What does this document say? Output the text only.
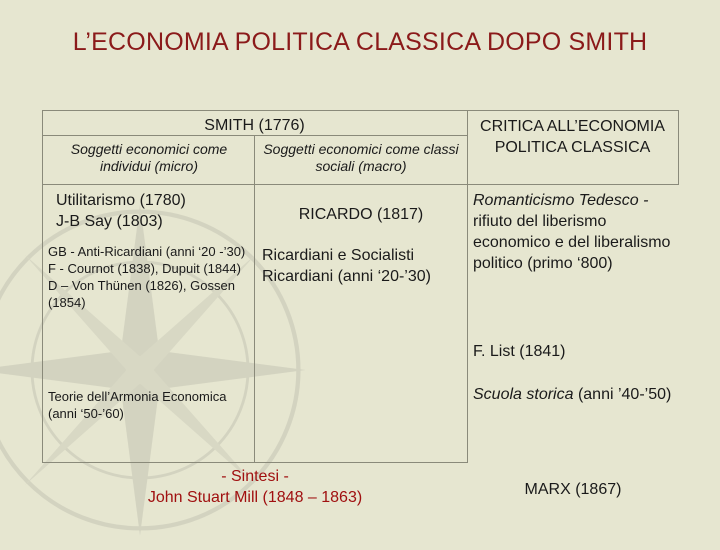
L’ECONOMIA POLITICA CLASSICA DOPO SMITH
SMITH (1776)	CRITICA ALL’ECONOMIA POLITICA CLASSICA
Soggetti economici come individui (micro)
Soggetti economici come classi sociali (macro)
Utilitarismo (1780)
J-B Say (1803)	RICARDO (1817)
GB - Anti-Ricardiani (anni ‘20 -’30)
F - Cournot (1838), Dupuit (1844)
D – Von Thünen (1826), Gossen (1854)
Ricardiani e Socialisti Ricardiani (anni ‘20-’30)
Teorie dell’Armonia Economica (anni ‘50-’60)
- Sintesi -
John Stuart Mill (1848 – 1863)
Romanticismo Tedesco -
rifiuto del liberismo economico e del liberalismo politico (primo ‘800)
F. List (1841)
Scuola storica (anni ’40-’50)
MARX (1867)
